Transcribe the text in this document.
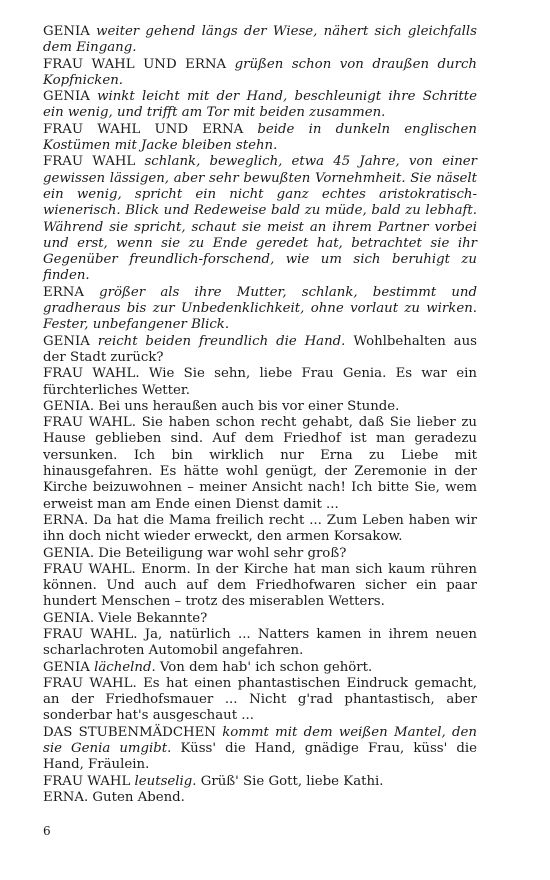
GENIA weiter gehend längs der Wiese, nähert sich gleichfalls dem Eingang.

FRAU WAHL UND ERNA grüßen schon von draußen durch Kopfnicken.

GENIA winkt leicht mit der Hand, beschleunigt ihre Schritte ein wenig, und trifft am Tor mit beiden zusammen.

FRAU WAHL UND ERNA beide in dunkeln englischen Kostümen mit Jacke bleiben stehn.

FRAU WAHL schlank, beweglich, etwa 45 Jahre, von einer gewissen lässigen, aber sehr bewußten Vornehmheit. Sie näselt ein wenig, spricht ein nicht ganz echtes aristokratisch-wienerisch. Blick und Redeweise bald zu müde, bald zu lebhaft. Während sie spricht, schaut sie meist an ihrem Partner vorbei und erst, wenn sie zu Ende geredet hat, betrachtet sie ihr Gegenüber freundlich-forschend, wie um sich beruhigt zu finden.

ERNA größer als ihre Mutter, schlank, bestimmt und gradheraus bis zur Unbedenklichkeit, ohne vorlaut zu wirken. Fester, unbefangener Blick.

GENIA reicht beiden freundlich die Hand. Wohlbehalten aus der Stadt zurück?

FRAU WAHL. Wie Sie sehn, liebe Frau Genia. Es war ein fürchterliches Wetter.

GENIA. Bei uns heraußen auch bis vor einer Stunde.

FRAU WAHL. Sie haben schon recht gehabt, daß Sie lieber zu Hause geblieben sind. Auf dem Friedhof ist man geradezu versunken. Ich bin wirklich nur Erna zu Liebe mit hinausgefahren. Es hätte wohl genügt, der Zeremonie in der Kirche beizuwohnen – meiner Ansicht nach! Ich bitte Sie, wem erweist man am Ende einen Dienst damit ...

ERNA. Da hat die Mama freilich recht ... Zum Leben haben wir ihn doch nicht wieder erweckt, den armen Korsakow.

GENIA. Die Beteiligung war wohl sehr groß?

FRAU WAHL. Enorm. In der Kirche hat man sich kaum rühren können. Und auch auf dem Friedhofwaren sicher ein paar hundert Menschen – trotz des miserablen Wetters.

GENIA. Viele Bekannte?

FRAU WAHL. Ja, natürlich ... Natters kamen in ihrem neuen scharlachroten Automobil angefahren.

GENIA lächelnd. Von dem hab' ich schon gehört.

FRAU WAHL. Es hat einen phantastischen Eindruck gemacht, an der Friedhofsmauer ... Nicht g'rad phantastisch, aber sonderbar hat's ausgeschaut ...

DAS STUBENMÄDCHEN kommt mit dem weißen Mantel, den sie Genia umgibt. Küss' die Hand, gnädige Frau, küss' die Hand, Fräulein.

FRAU WAHL leutselig. Grüß' Sie Gott, liebe Kathi.

ERNA. Guten Abend.

6
